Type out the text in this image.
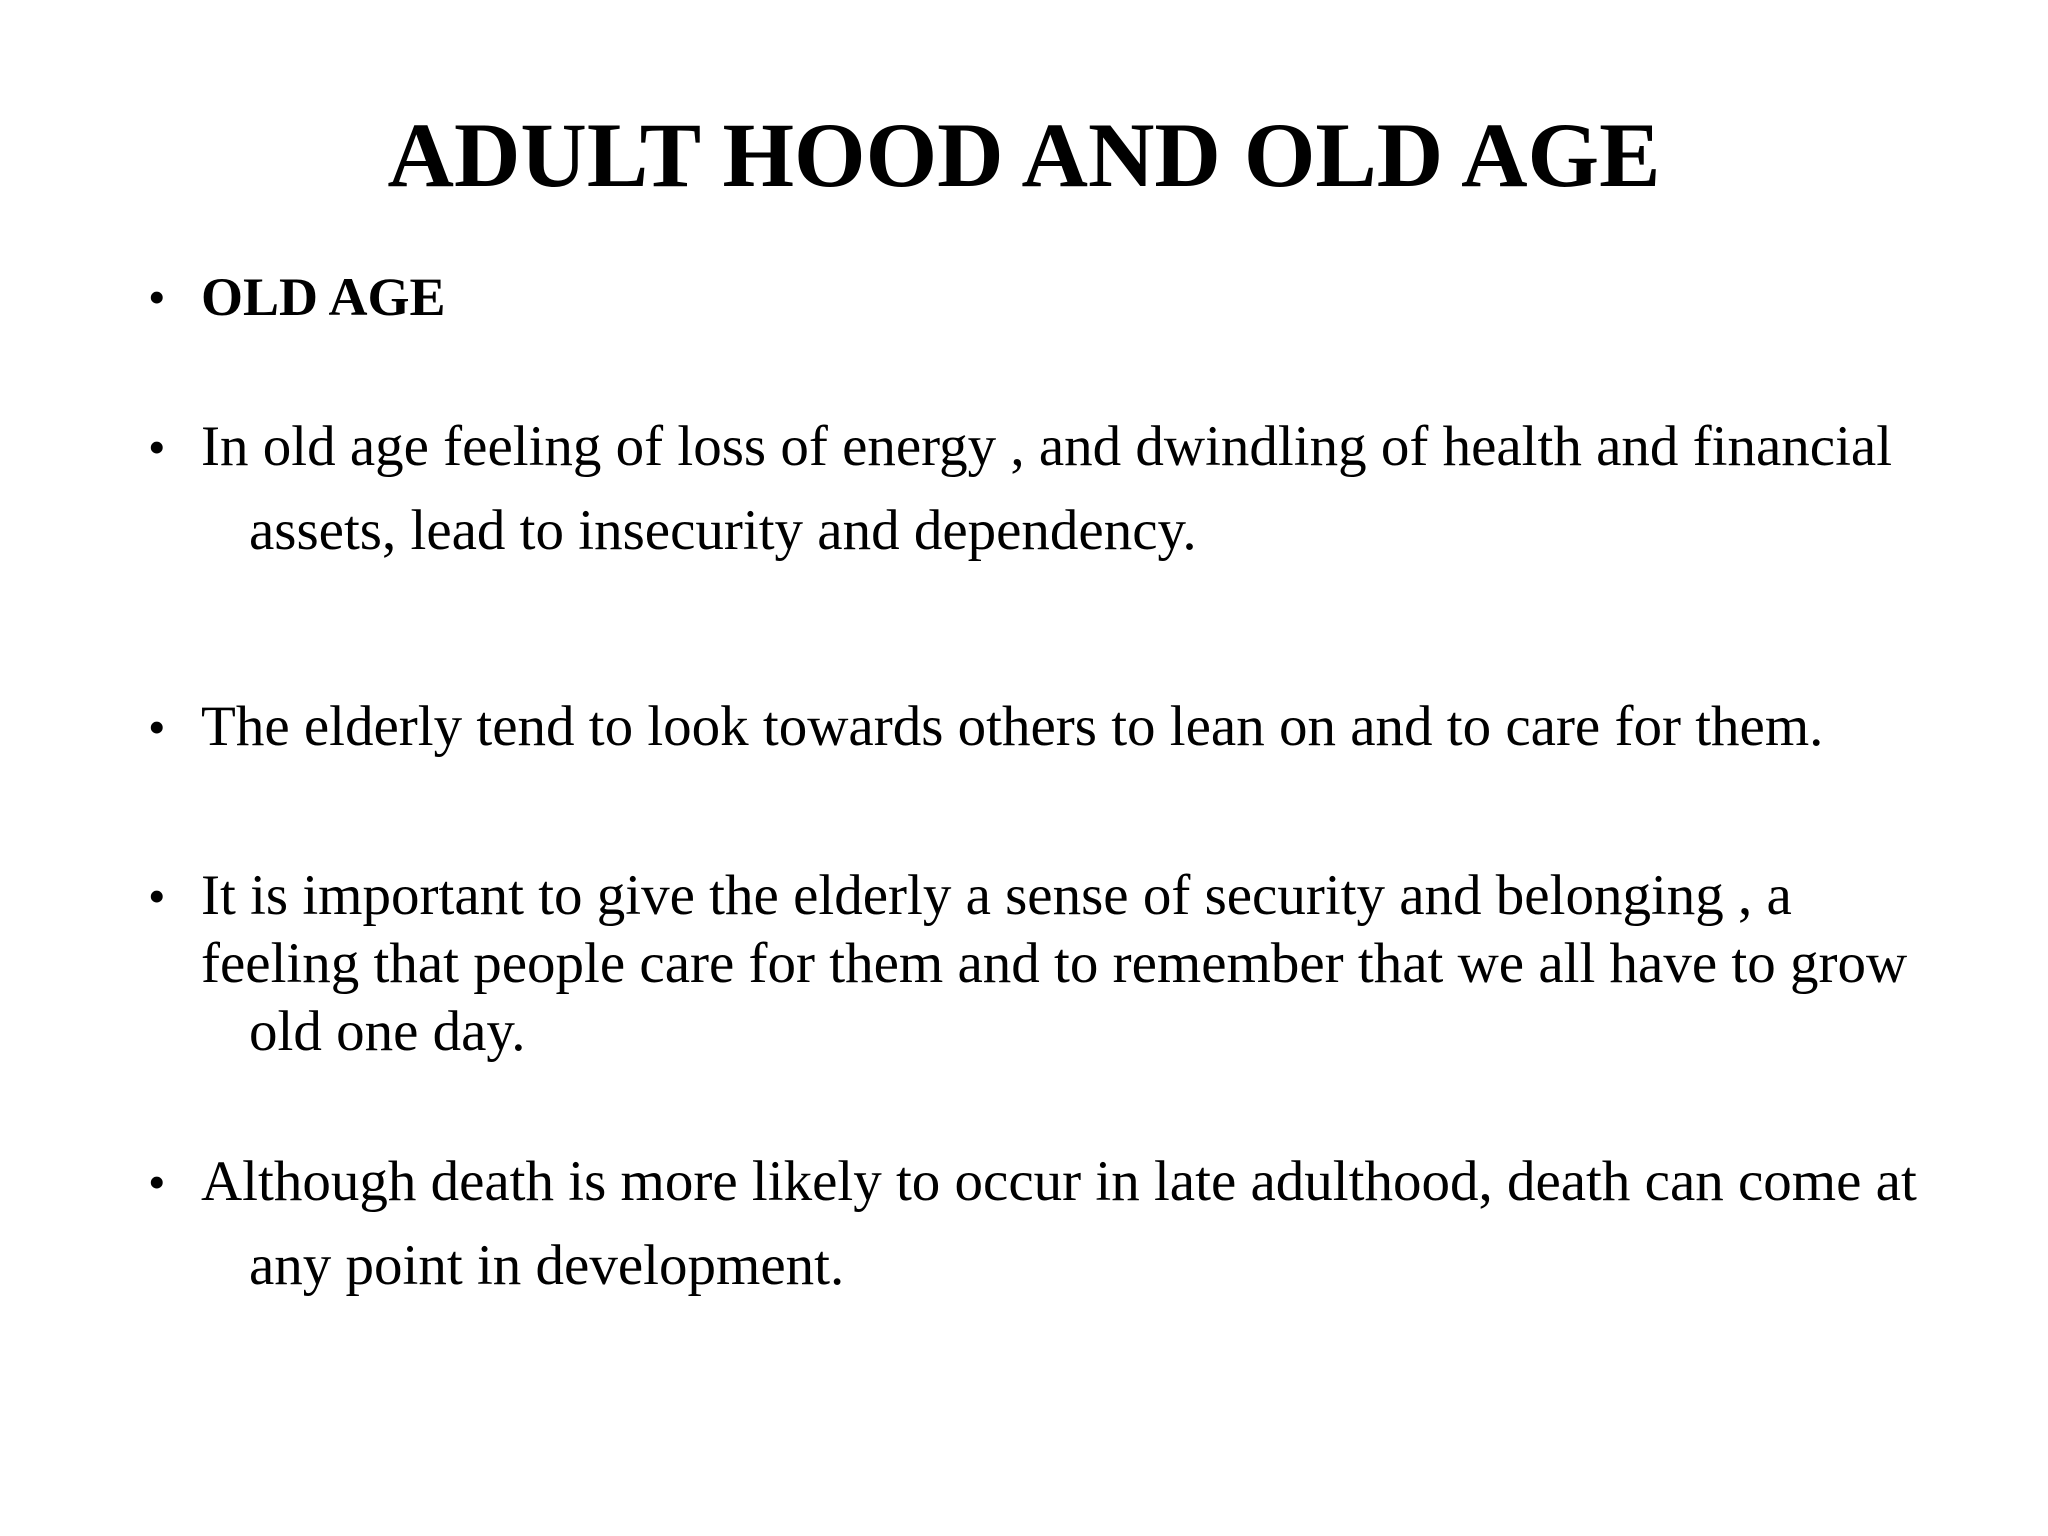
ADULT HOOD AND OLD AGE
• OLD AGE
• In old age feeling of loss of energy , and dwindling of health and financial
assets, lead to insecurity and dependency.
• The elderly tend to look towards others to lean on and to care for them.
• It is important to give the elderly a sense of security and belonging , a
feeling that people care for them and to remember that we all have to grow
old one day.
• Although death is more likely to occur in late adulthood, death can come at
any point in development.
